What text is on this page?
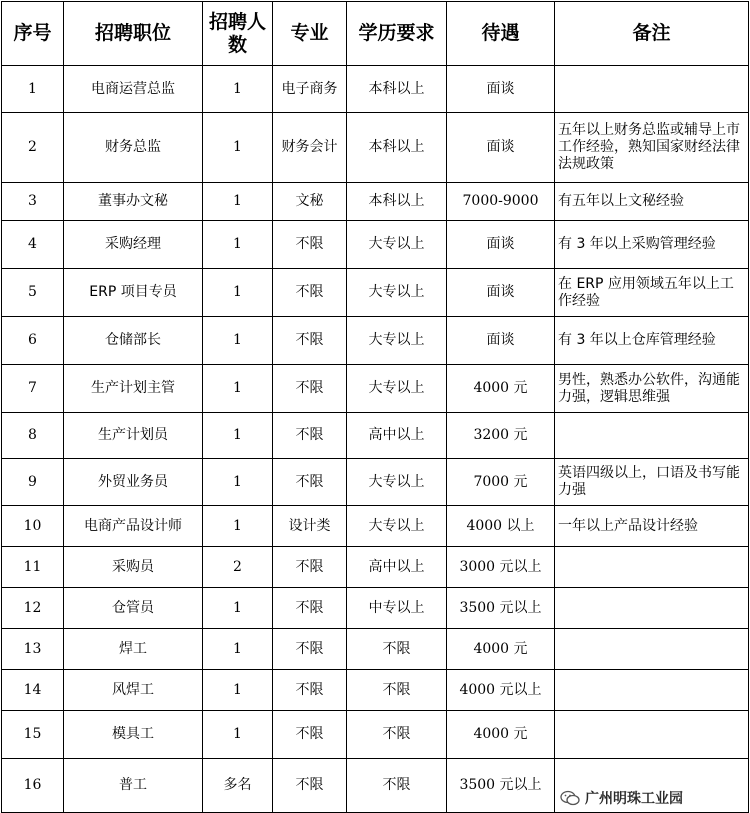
序号	招聘职位	招聘人数	专业	学历要求	待遇	备注
1	电商运营总监	1	电子商务	本科以上	面谈	
2	财务总监	1	财务会计	本科以上	面谈	五年以上财务总监或辅导上市工作经验，熟知国家财经法律法规政策
3	董事办文秘	1	文秘	本科以上	7000-9000	有五年以上文秘经验
4	采购经理	1	不限	大专以上	面谈	有 3 年以上采购管理经验
5	ERP 项目专员	1	不限	大专以上	面谈	在 ERP 应用领域五年以上工作经验
6	仓储部长	1	不限	大专以上	面谈	有 3 年以上仓库管理经验
7	生产计划主管	1	不限	大专以上	4000 元	男性，熟悉办公软件，沟通能力强，逻辑思维强
8	生产计划员	1	不限	高中以上	3200 元	
9	外贸业务员	1	不限	大专以上	7000 元	英语四级以上，口语及书写能力强
10	电商产品设计师	1	设计类	大专以上	4000 以上	一年以上产品设计经验
11	采购员	2	不限	高中以上	3000 元以上	
12	仓管员	1	不限	中专以上	3500 元以上	
13	焊工	1	不限	不限	4000 元	
14	风焊工	1	不限	不限	4000 元以上	
15	模具工	1	不限	不限	4000 元	
16	普工	多名	不限	不限	3500 元以上	
广州明珠工业园
